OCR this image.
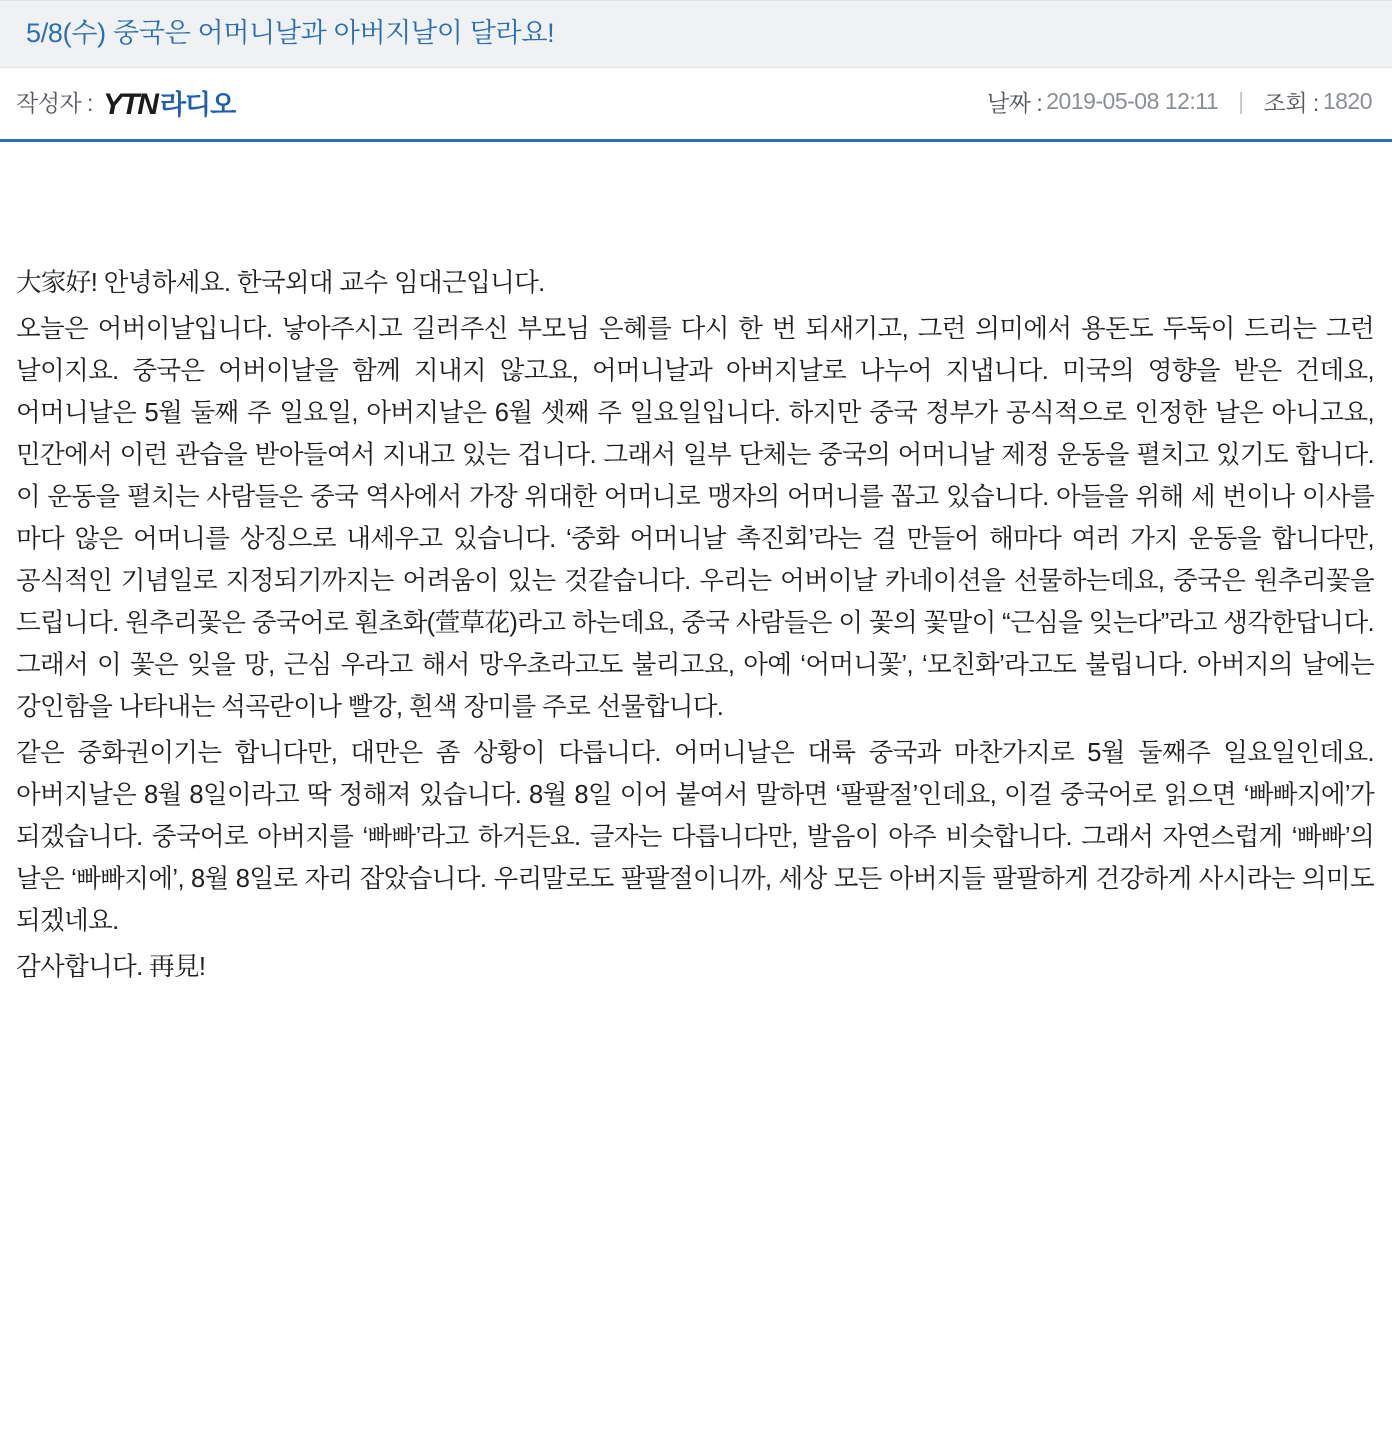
5/8(수) 중국은 어머니날과 아버지날이 달라요!
작성자 : YTN 라디오	날짜 : 2019-05-08 12:11 | 조회 : 1820

大家好! 안녕하세요. 한국외대 교수 임대근입니다.

오늘은 어버이날입니다. 낳아주시고 길러주신 부모님 은혜를 다시 한 번 되새기고, 그런 의미에서 용돈도 두둑이 드리는 그런 날이지요. 중국은 어버이날을 함께 지내지 않고요, 어머니날과 아버지날로 나누어 지냅니다. 미국의 영향을 받은 건데요, 어머니날은 5월 둘째 주 일요일, 아버지날은 6월 셋째 주 일요일입니다. 하지만 중국 정부가 공식적으로 인정한 날은 아니고요, 민간에서 이런 관습을 받아들여서 지내고 있는 겁니다. 그래서 일부 단체는 중국의 어머니날 제정 운동을 펼치고 있기도 합니다. 이 운동을 펼치는 사람들은 중국 역사에서 가장 위대한 어머니로 맹자의 어머니를 꼽고 있습니다. 아들을 위해 세 번이나 이사를 마다 않은 어머니를 상징으로 내세우고 있습니다. ‘중화 어머니날 촉진회’라는 걸 만들어 해마다 여러 가지 운동을 합니다만, 공식적인 기념일로 지정되기까지는 어려움이 있는 것같습니다. 우리는 어버이날 카네이션을 선물하는데요, 중국은 원추리꽃을 드립니다. 원추리꽃은 중국어로 훤초화(萱草花)라고 하는데요, 중국 사람들은 이 꽃의 꽃말이 “근심을 잊는다”라고 생각한답니다. 그래서 이 꽃은 잊을 망, 근심 우라고 해서 망우초라고도 불리고요, 아예 ‘어머니꽃’, ‘모친화’라고도 불립니다. 아버지의 날에는 강인함을 나타내는 석곡란이나 빨강, 흰색 장미를 주로 선물합니다.

같은 중화권이기는 합니다만, 대만은 좀 상황이 다릅니다. 어머니날은 대륙 중국과 마찬가지로 5월 둘째주 일요일인데요. 아버지날은 8월 8일이라고 딱 정해져 있습니다. 8월 8일 이어 붙여서 말하면 ‘팔팔절’인데요, 이걸 중국어로 읽으면 ‘빠빠지에’가 되겠습니다. 중국어로 아버지를 ‘빠빠’라고 하거든요. 글자는 다릅니다만, 발음이 아주 비슷합니다. 그래서 자연스럽게 ‘빠빠’의 날은 ‘빠빠지에’, 8월 8일로 자리 잡았습니다. 우리말로도 팔팔절이니까, 세상 모든 아버지들 팔팔하게 건강하게 사시라는 의미도 되겠네요.

감사합니다. 再見!
